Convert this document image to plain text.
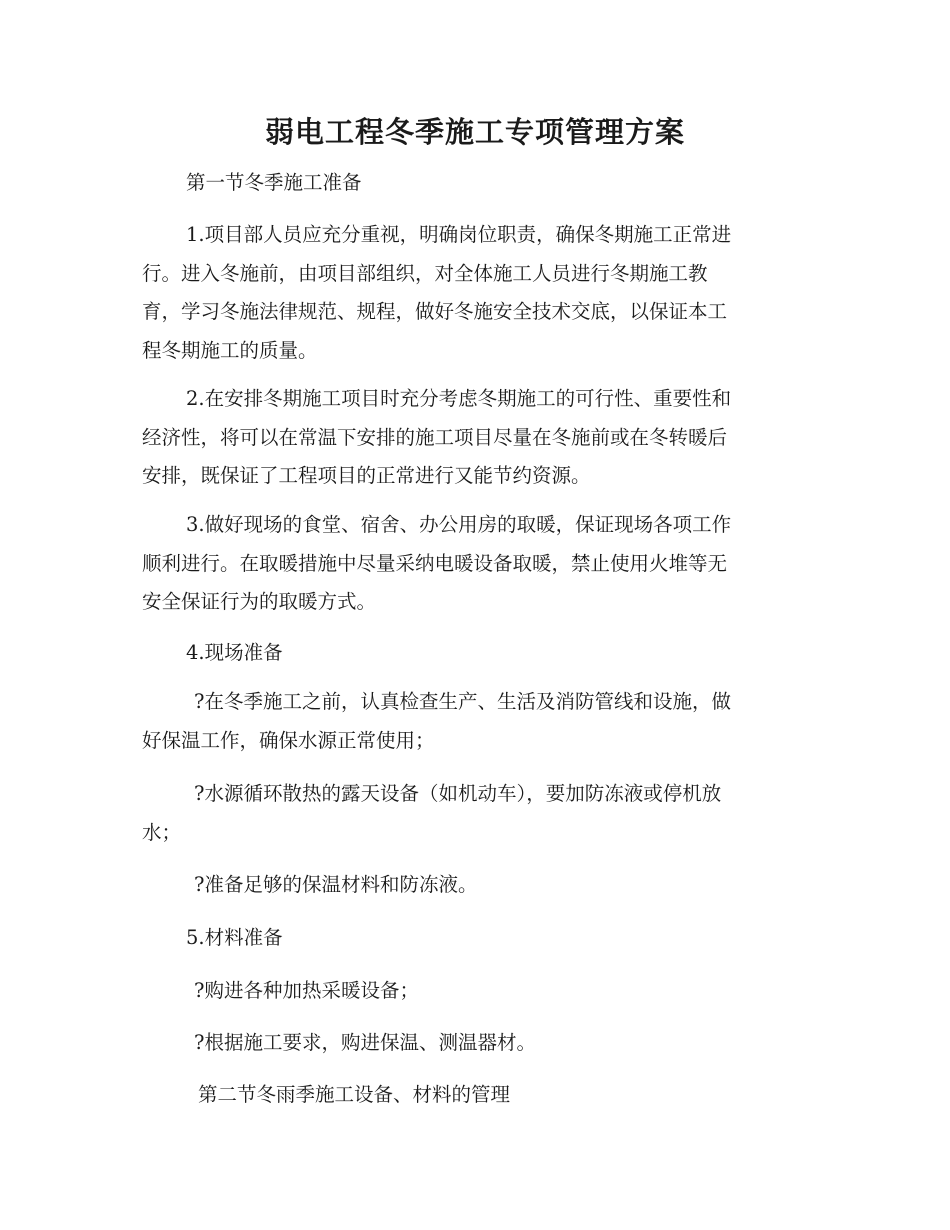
弱电工程冬季施工专项管理方案

第一节冬季施工准备

1.项目部人员应充分重视，明确岗位职责，确保冬期施工正常进
行。进入冬施前，由项目部组织，对全体施工人员进行冬期施工教
育，学习冬施法律规范、规程，做好冬施安全技术交底，以保证本工
程冬期施工的质量。
2.在安排冬期施工项目时充分考虑冬期施工的可行性、重要性和
经济性，将可以在常温下安排的施工项目尽量在冬施前或在冬转暖后
安排，既保证了工程项目的正常进行又能节约资源。
3.做好现场的食堂、宿舍、办公用房的取暖，保证现场各项工作
顺利进行。在取暖措施中尽量采纳电暖设备取暖，禁止使用火堆等无
安全保证行为的取暖方式。

4.现场准备

?在冬季施工之前，认真检查生产、生活及消防管线和设施，做
好保温工作，确保水源正常使用；
?水源循环散热的露天设备（如机动车），要加防冻液或停机放
水；

?准备足够的保温材料和防冻液。

5.材料准备

?购进各种加热采暖设备；

?根据施工要求，购进保温、测温器材。

第二节冬雨季施工设备、材料的管理
